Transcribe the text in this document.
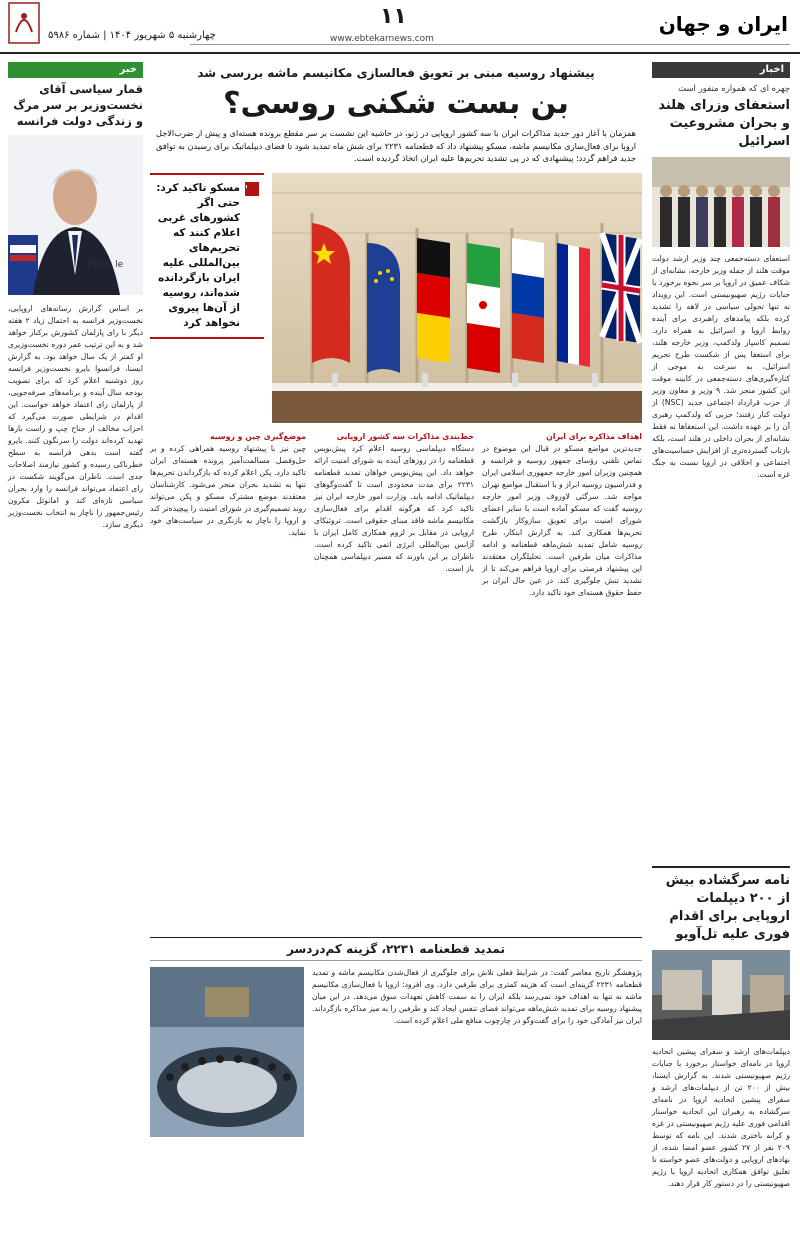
۱۱
www.ebtekarnews.com
چهارشنبه ۵ شهریور ۱۴۰۴ | شماره ۵۹۸۶	ایران و جهان
اخبار
چهره ای که همواره منفور است
استعفای وزرای هلند و بحران مشروعیت اسرائیل
استعفای دسته‌جمعی چند وزیر ارشد دولت موقت هلند از جمله وزیر خارجه، نشانه‌ای از شکاف عمیق در اروپا بر سر نحوه برخورد با جنایات رژیم صهیونیستی است. این رویداد نه تنها تحولی سیاسی در لاهه را تشدید کرده بلکه پیامدهای راهبردی برای آینده روابط اروپا و اسرائیل به همراه دارد. تصمیم کاسپار ولدکمپ، وزیر خارجه هلند، برای استعفا پس از شکست طرح تحریم اسرائیل، به سرعت به موجی از کناره‌گیری‌های دسته‌جمعی در کابینه موقت این کشور منجر شد. ۹ وزیر و معاون وزیر از حزب قرارداد اجتماعی جدید (NSC) از دولت کنار رفتند؛ حزبی که ولدکمپ رهبری آن را بر عهده داشت. این استعفاها نه فقط نشانه‌ای از بحران داخلی در هلند است، بلکه بازتاب گسترده‌تری از افزایش حساسیت‌های اجتماعی و اخلاقی در اروپا نسبت به جنگ غزه است.
نامه سرگشاده بیش از ۲۰۰ دیپلمات اروپایی برای اقدام فوری علیه تل‌آویو
دیپلمات‌های ارشد و سفرای پیشین اتحادیه اروپا در نامه‌ای خواستار برخورد با جنایات رژیم صهیونیستی شدند. به گزارش ایسنا، بیش از ۲۰۰ تن از دیپلمات‌های ارشد و سفرای پیشین اتحادیه اروپا در نامه‌ای سرگشاده به رهبران این اتحادیه خواستار اقدامی فوری علیه رژیم صهیونیستی در غزه و کرانه باختری شدند. این نامه که توسط ۲۰۹ نفر از ۲۷ کشور عضو امضا شده، از نهادهای اروپایی و دولت‌های عضو خواسته تا تعلیق توافق همکاری اتحادیه اروپا با رژیم صهیونیستی را در دستور کار قرار دهند.
خبر
قمار سیاسی آقای نخست‌وزیر بر سر مرگ و زندگی دولت فرانسه
Paris, le
بر اساس گزارش رسانه‌های اروپایی، نخست‌وزیر فرانسه به احتمال زیاد ۲ هفته دیگر با رای پارلمان کشورش برکنار خواهد شد و به این ترتیب عمر دوره نخست‌وزیری او کمتر از یک سال خواهد بود. به گزارش ایسنا، فرانسوا بایرو نخست‌وزیر فرانسه روز دوشنبه اعلام کرد که برای تصویب بودجه سال آینده و برنامه‌های صرفه‌جویی، از پارلمان رای اعتماد خواهد خواست. این اقدام در شرایطی صورت می‌گیرد که احزاب مخالف از جناح چپ و راست بارها تهدید کرده‌اند دولت را سرنگون کنند. بایرو گفته است بدهی فرانسه به سطح خطرناکی رسیده و کشور نیازمند اصلاحات جدی است. ناظران می‌گویند شکست در رای اعتماد می‌تواند فرانسه را وارد بحران سیاسی تازه‌ای کند و امانوئل مکرون رئیس‌جمهور را ناچار به انتخاب نخست‌وزیر دیگری سازد.
پیشنهاد روسیه مبنی بر تعویق فعالسازی مکانیسم ماشه بررسی شد
بن بست شکنی روسی؟
همزمان با آغاز دور جدید مذاکرات ایران با سه کشور اروپایی در ژنو، در حاشیه این نشست بر سر مقطع برونده هسته‌ای و پیش از ضرب‌الاجل اروپا برای فعال‌سازی مکانیسم ماشه، مسکو پیشنهاد داد که قطعنامه ۲۲۳۱ برای شش ماه تمدید شود تا فضای دیپلماتیک برای رسیدن به توافق جدید فراهم گردد؛ پیشنهادی که در پی تشدید تحریم‌ها علیه ایران اتخاذ گردیده است.
"
مسکو تاکید کرد: حتی اگر کشورهای غربی اعلام کنند که تحریم‌های بین‌المللی علیه ایران بازگردانده شده‌اند، روسیه از آن‌ها پیروی نخواهد کرد
اهداف مذاکره برای ایران
جدیدترین مواضع مسکو در قبال این موضوع در تماس تلفنی رؤسای جمهور روسیه و فرانسه و همچنین وزیران امور خارجه جمهوری اسلامی ایران و فدراسیون روسیه ابراز و با استقبال مواضع تهران مواجه شد. سرگئی لاوروف وزیر امور خارجه روسیه گفت که مسکو آماده است با سایر اعضای شورای امنیت برای تعویق سازوکار بازگشت تحریم‌ها همکاری کند. به گزارش ابتکار، طرح روسیه شامل تمدید شش‌ماهه قطعنامه و ادامه مذاکرات میان طرفین است. تحلیلگران معتقدند این پیشنهاد فرصتی برای اروپا فراهم می‌کند تا از تشدید تنش جلوگیری کند. در عین حال ایران بر حفظ حقوق هسته‌ای خود تاکید دارد.
خط‌بندی مذاکرات سه کشور اروپایی
دستگاه دیپلماسی روسیه اعلام کرد پیش‌نویس قطعنامه را در روزهای آینده به شورای امنیت ارائه خواهد داد. این پیش‌نویس خواهان تمدید قطعنامه ۲۲۳۱ برای مدت محدودی است تا گفت‌وگوهای دیپلماتیک ادامه یابد. وزارت امور خارجه ایران نیز تاکید کرد که هرگونه اقدام برای فعال‌سازی مکانیسم ماشه فاقد مبنای حقوقی است. تروئیکای اروپایی در مقابل بر لزوم همکاری کامل ایران با آژانس بین‌المللی انرژی اتمی تاکید کرده است. ناظران بر این باورند که مسیر دیپلماسی همچنان باز است.
موضع‌گیری چین و روسیه
چین نیز با پیشنهاد روسیه همراهی کرده و بر حل‌وفصل مسالمت‌آمیز پرونده هسته‌ای ایران تاکید دارد. پکن اعلام کرده که بازگرداندن تحریم‌ها تنها به تشدید بحران منجر می‌شود. کارشناسان معتقدند موضع مشترک مسکو و پکن می‌تواند روند تصمیم‌گیری در شورای امنیت را پیچیده‌تر کند و اروپا را ناچار به بازنگری در سیاست‌های خود نماید.
تمدید قطعنامه ۲۲۳۱، گزینه کم‌دردسر
پژوهشگر تاریخ معاصر گفت: در شرایط فعلی تلاش برای جلوگیری از فعال‌شدن مکانیسم ماشه و تمدید قطعنامه ۲۲۳۱ گزینه‌ای است که هزینه کمتری برای طرفین دارد. وی افزود: اروپا با فعال‌سازی مکانیسم ماشه نه تنها به اهداف خود نمی‌رسد بلکه ایران را به سمت کاهش تعهدات سوق می‌دهد. در این میان پیشنهاد روسیه برای تمدید شش‌ماهه می‌تواند فضای تنفس ایجاد کند و طرفین را به میز مذاکره بازگرداند. ایران نیز آمادگی خود را برای گفت‌وگو در چارچوب منافع ملی اعلام کرده است.
